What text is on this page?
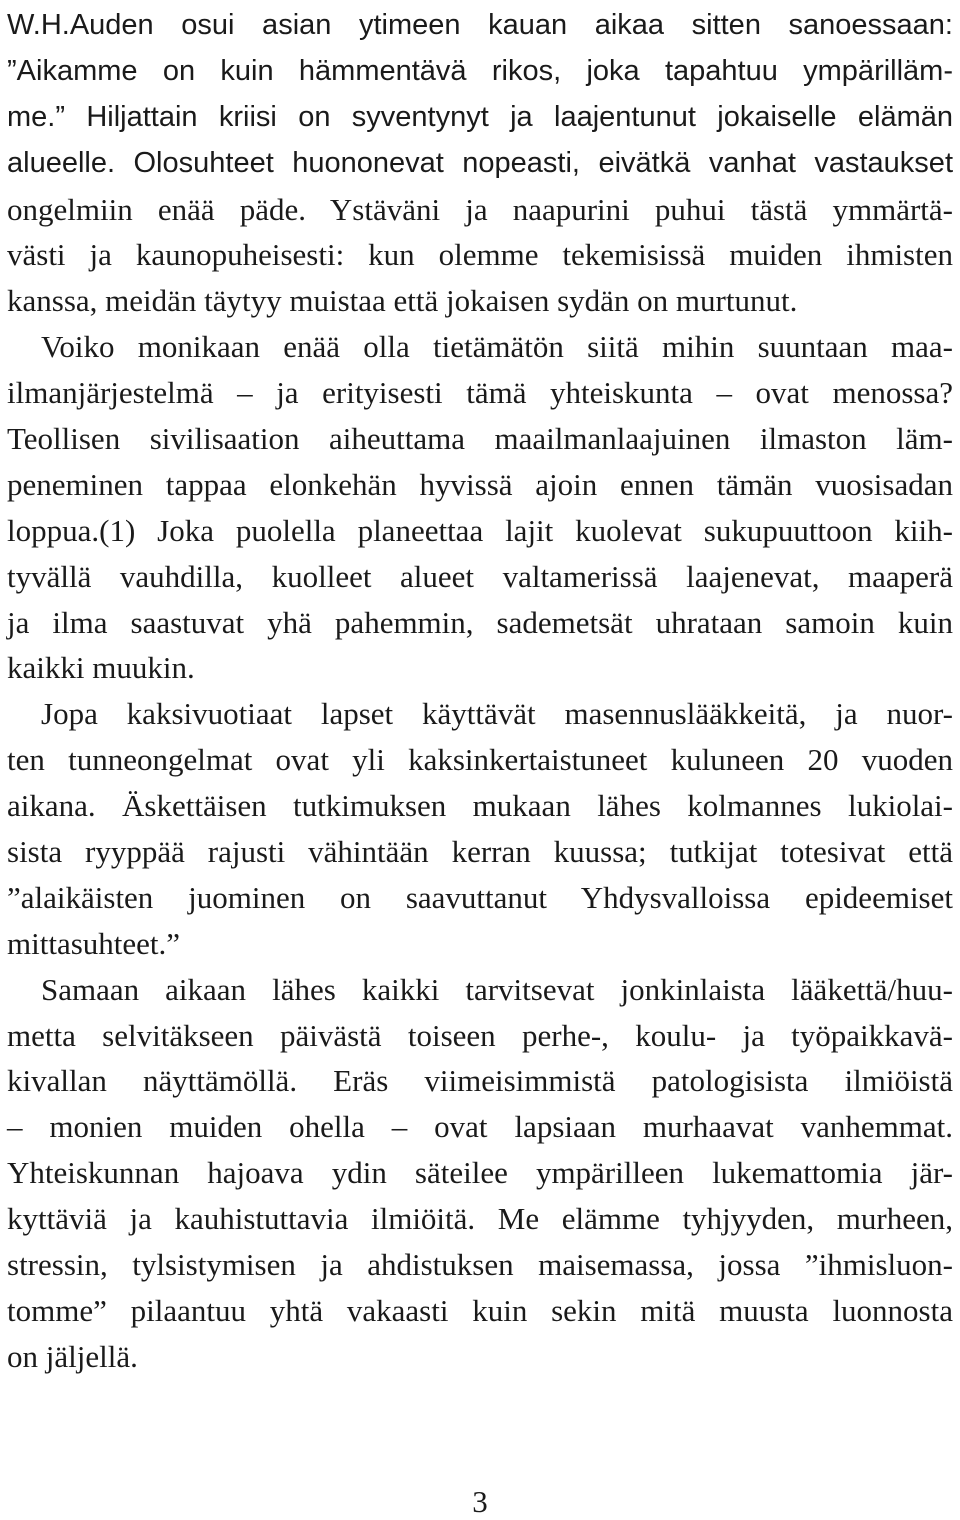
W.H.Auden osui asian ytimeen kauan aikaa sitten sanoessaan:
”Aikamme on kuin hämmentävä rikos, joka tapahtuu ympärilläm-
me.” Hiljattain kriisi on syventynyt ja laajentunut jokaiselle elämän
alueelle. Olosuhteet huononevat nopeasti, eivätkä vanhat vastaukset
ongelmiin enää päde. Ystäväni ja naapurini puhui tästä ymmärtä-
västi ja kaunopuheisesti: kun olemme tekemisissä muiden ihmisten
kanssa, meidän täytyy muistaa että jokaisen sydän on murtunut.
Voiko monikaan enää olla tietämätön siitä mihin suuntaan maa-
ilmanjärjestelmä – ja erityisesti tämä yhteiskunta – ovat menossa?
Teollisen sivilisaation aiheuttama maailmanlaajuinen ilmaston läm-
peneminen tappaa elonkehän hyvissä ajoin ennen tämän vuosisadan
loppua.(1) Joka puolella planeettaa lajit kuolevat sukupuuttoon kiih-
tyvällä vauhdilla, kuolleet alueet valtamerissä laajenevat, maaperä
ja ilma saastuvat yhä pahemmin, sademetsät uhrataan samoin kuin
kaikki muukin.
Jopa kaksivuotiaat lapset käyttävät masennuslääkkeitä, ja nuor-
ten tunneongelmat ovat yli kaksinkertaistuneet kuluneen 20 vuoden
aikana. Äskettäisen tutkimuksen mukaan lähes kolmannes lukiolai-
sista ryyppää rajusti vähintään kerran kuussa; tutkijat totesivat että
”alaikäisten juominen on saavuttanut Yhdysvalloissa epideemiset
mittasuhteet.”
Samaan aikaan lähes kaikki tarvitsevat jonkinlaista lääkettä/huu-
metta selvitäkseen päivästä toiseen perhe-, koulu- ja työpaikkavä-
kivallan näyttämöllä. Eräs viimeisimmistä patologisista ilmiöistä
– monien muiden ohella – ovat lapsiaan murhaavat vanhemmat.
Yhteiskunnan hajoava ydin säteilee ympärilleen lukemattomia jär-
kyttäviä ja kauhistuttavia ilmiöitä. Me elämme tyhjyyden, murheen,
stressin, tylsistymisen ja ahdistuksen maisemassa, jossa ”ihmisluon-
tomme” pilaantuu yhtä vakaasti kuin sekin mitä muusta luonnosta
on jäljellä.
3
